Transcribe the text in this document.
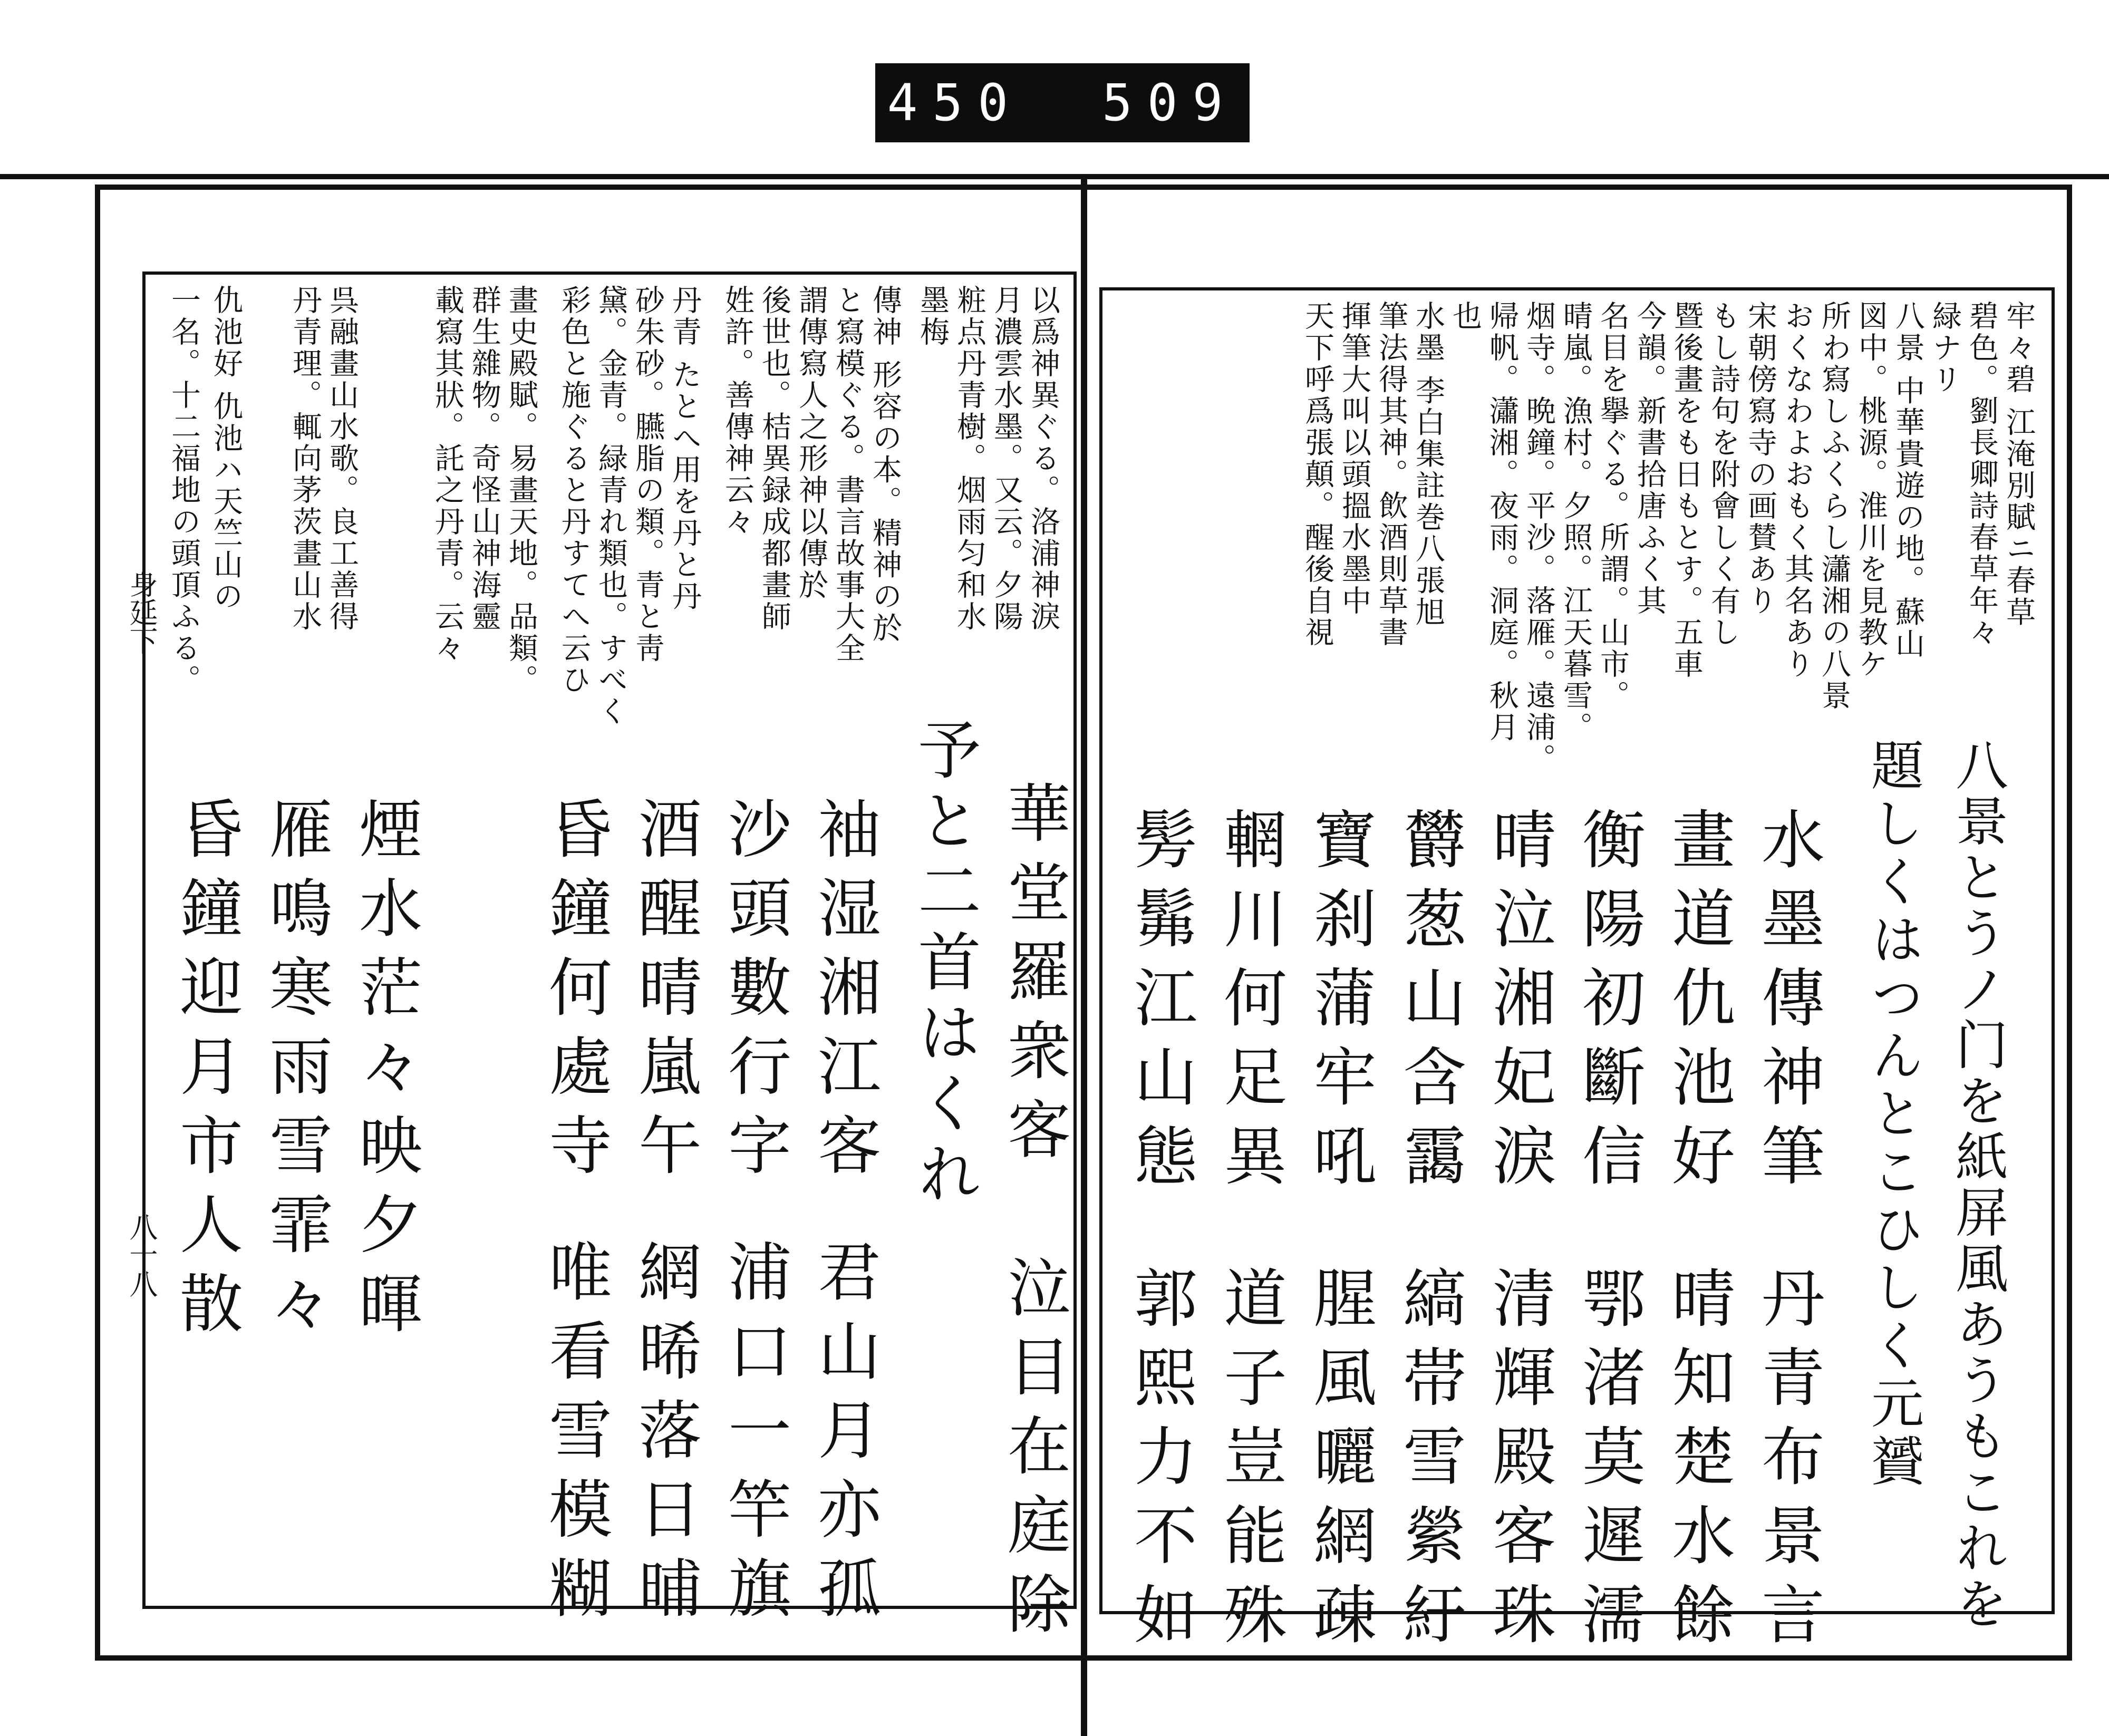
450 509
牢々碧 江淹別賦ニ春草
碧色。劉長卿詩春草年々
緑ナリ
八景 中華貴遊の地。蘇山
図中。桃源。淮川を見教ケ
所わ寫しふくらし瀟湘の八景
おくなわよおもく其名あり
宋朝傍寫寺の画賛あり
もし詩句を附會しく有し
暨後畫をも日もとす。五車
今韻。新書拾唐ふく其
名目を擧ぐる。所謂。山市。
晴嵐。漁村。夕照。江天暮雪。
烟寺。晩鐘。平沙。落雁。遠浦。
帰帆。瀟湘。夜雨。洞庭。秋月
也
水墨 李白集註巻八張旭
筆法得其神。飲酒則草書
揮筆大叫以頭搵水墨中
天下呼爲張顛。醒後自視
八景とうノ门を紙屏風あうもこれを
題しくはつんとこひしく元贇
水墨傳神筆
畫道仇池好
衡陽初斷信
晴泣湘妃淚
欝葱山含靄
寶刹蒲牢吼
輞川何足異
髣髴江山態
丹青布景言
晴知楚水餘
鄂渚莫遲濡
清輝殿客珠
縞帯雪縈紆
腥風曬網疎
道子豈能殊
郭熙力不如
以爲神異ぐる。洛浦神淚
月濃雲水墨。又云。夕陽
粧点丹青樹。烟雨匀和水
墨梅
傳神 形容の本。精神の於
と寫模ぐる。書言故事大全
謂傳寫人之形神以傳於
後世也。桔異録成都畫師
姓許。善傳神云々
丹青 たとへ用を丹と丹
砂朱砂。臙脂の類。青と靑
黛。金青。緑青れ類也。すべく
彩色と施ぐると丹すてへ云ひ
畫史殿賦。易畫天地。品類。
群生雜物。奇怪山神海靈
載寫其狀。託之丹青。云々
呉融畫山水歌。良工善得
丹青理。輒向茅茨畫山水
仇池好 仇池ハ天竺山の
一名。十二福地の頭頂ふる。
身延下
八十八
華堂羅衆客
予と二首はくれ
泣目在庭除
袖湿湘江客
沙頭數行字
酒醒晴嵐午
昏鐘何處寺
君山月亦孤
浦口一竿旗
網晞落日晡
唯看雪模糊
煙水茫々映夕暉
雁鳴寒雨雪霏々
昏鐘迎月市人散
